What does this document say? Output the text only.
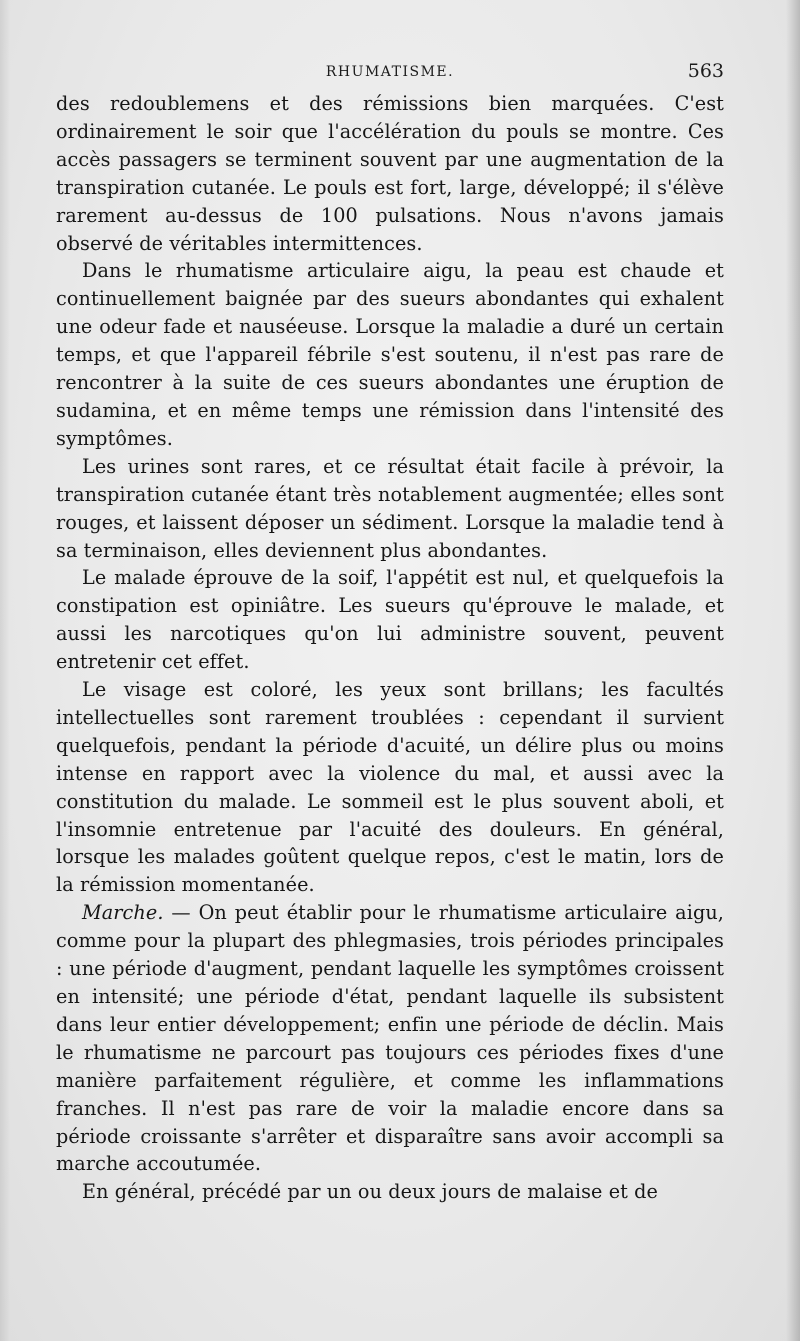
RHUMATISME.	563

des redoublemens et des rémissions bien marquées. C'est ordinairement le soir que l'accélération du pouls se montre. Ces accès passagers se terminent souvent par une augmentation de la transpiration cutanée. Le pouls est fort, large, développé; il s'élève rarement au-dessus de 100 pulsations. Nous n'avons jamais observé de véritables intermittences.

Dans le rhumatisme articulaire aigu, la peau est chaude et continuellement baignée par des sueurs abondantes qui exhalent une odeur fade et nauséeuse. Lorsque la maladie a duré un certain temps, et que l'appareil fébrile s'est soutenu, il n'est pas rare de rencontrer à la suite de ces sueurs abondantes une éruption de sudamina, et en même temps une rémission dans l'intensité des symptômes.

Les urines sont rares, et ce résultat était facile à prévoir, la transpiration cutanée étant très notablement augmentée; elles sont rouges, et laissent déposer un sédiment. Lorsque la maladie tend à sa terminaison, elles deviennent plus abondantes.

Le malade éprouve de la soif, l'appétit est nul, et quelquefois la constipation est opiniâtre. Les sueurs qu'éprouve le malade, et aussi les narcotiques qu'on lui administre souvent, peuvent entretenir cet effet.

Le visage est coloré, les yeux sont brillans; les facultés intellectuelles sont rarement troublées : cependant il survient quelquefois, pendant la période d'acuité, un délire plus ou moins intense en rapport avec la violence du mal, et aussi avec la constitution du malade. Le sommeil est le plus souvent aboli, et l'insomnie entretenue par l'acuité des douleurs. En général, lorsque les malades goûtent quelque repos, c'est le matin, lors de la rémission momentanée.

Marche. — On peut établir pour le rhumatisme articulaire aigu, comme pour la plupart des phlegmasies, trois périodes principales : une période d'augment, pendant laquelle les symptômes croissent en intensité; une période d'état, pendant laquelle ils subsistent dans leur entier développement; enfin une période de déclin. Mais le rhumatisme ne parcourt pas toujours ces périodes fixes d'une manière parfaitement régulière, et comme les inflammations franches. Il n'est pas rare de voir la maladie encore dans sa période croissante s'arrêter et disparaître sans avoir accompli sa marche accoutumée.

En général, précédé par un ou deux jours de malaise et de
